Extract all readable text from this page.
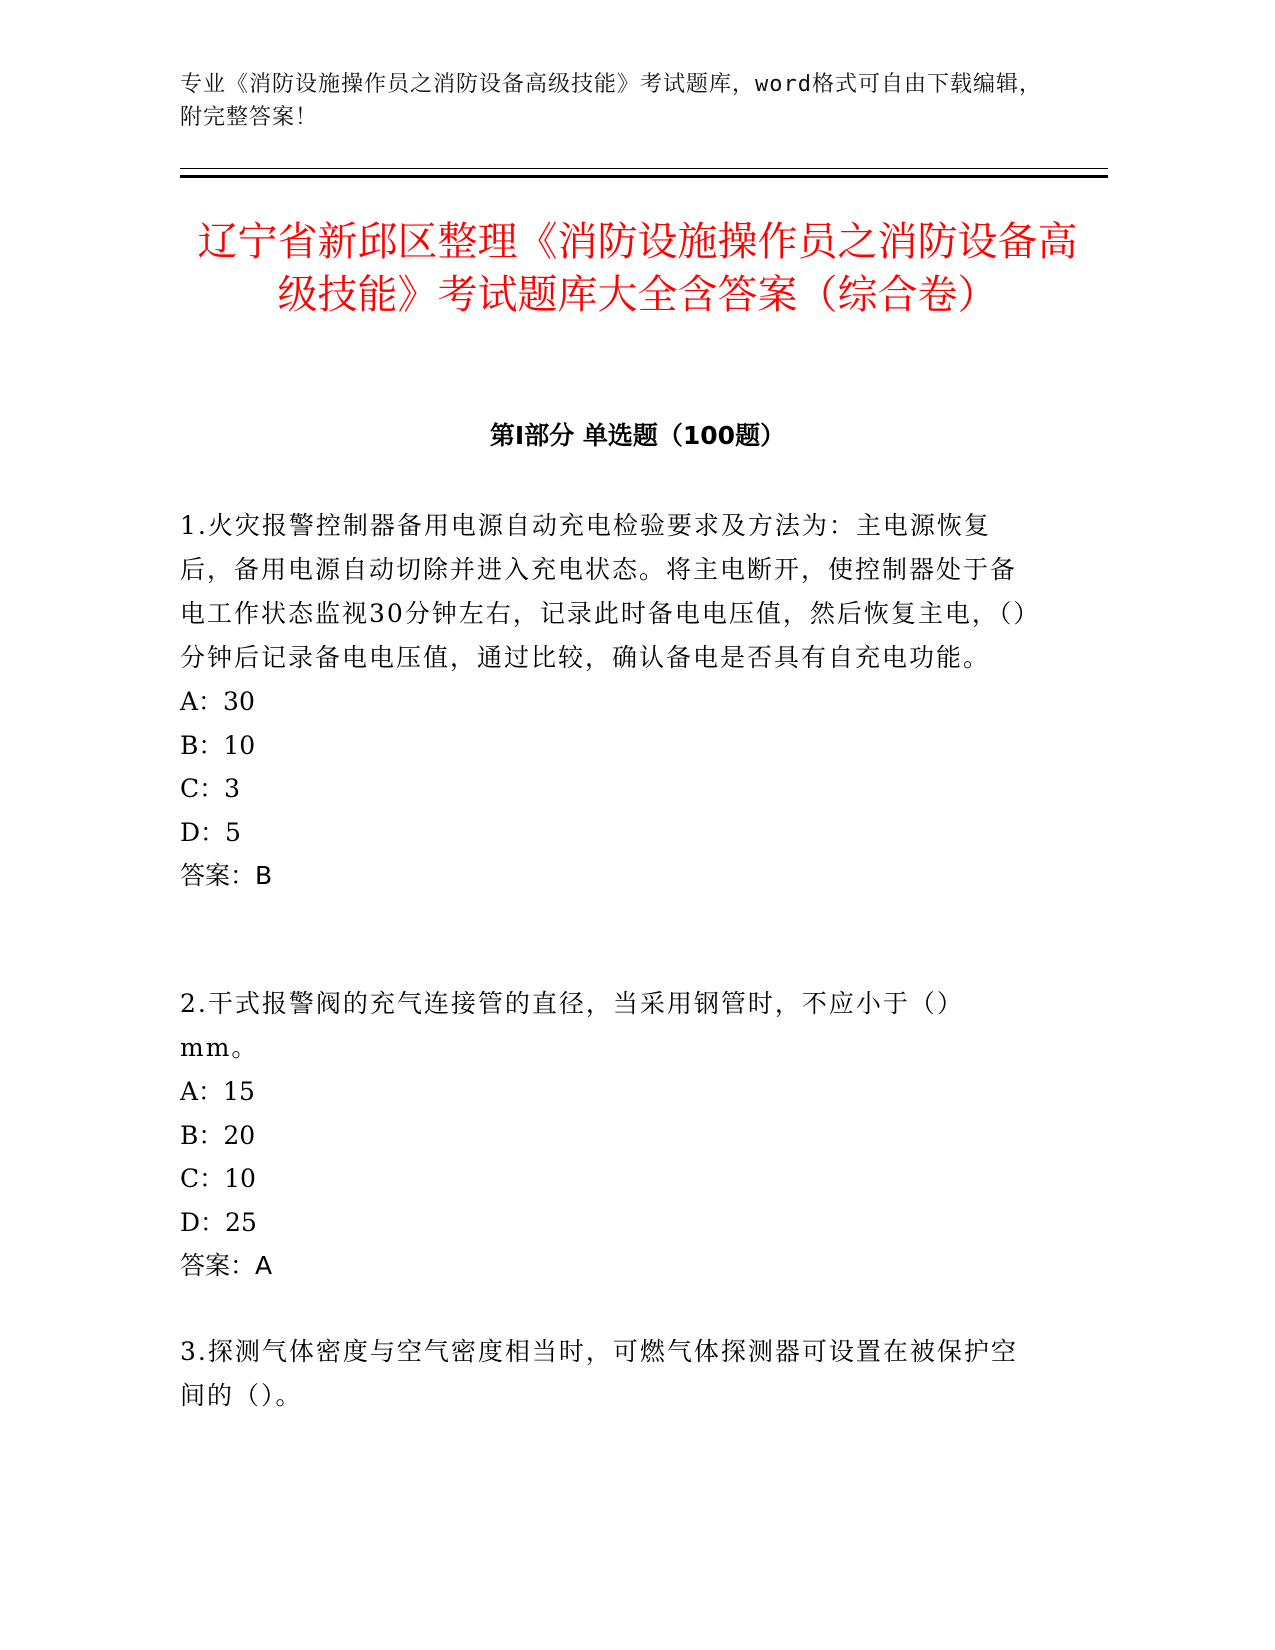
专业《消防设施操作员之消防设备高级技能》考试题库，word格式可自由下载编辑，附完整答案！
辽宁省新邱区整理《消防设施操作员之消防设备高级技能》考试题库大全含答案（综合卷）
第I部分 单选题（100题）

1.火灾报警控制器备用电源自动充电检验要求及方法为：主电源恢复后，备用电源自动切除并进入充电状态。将主电断开，使控制器处于备电工作状态监视30分钟左右，记录此时备电电压值，然后恢复主电，（）分钟后记录备电电压值，通过比较，确认备电是否具有自充电功能。

A：30

B：10

C：3

D：5

答案：B

2.干式报警阀的充气连接管的直径，当采用钢管时，不应小于（）mm。

A：15

B：20

C：10

D：25

答案：A

3.探测气体密度与空气密度相当时，可燃气体探测器可设置在被保护空间的（）。
